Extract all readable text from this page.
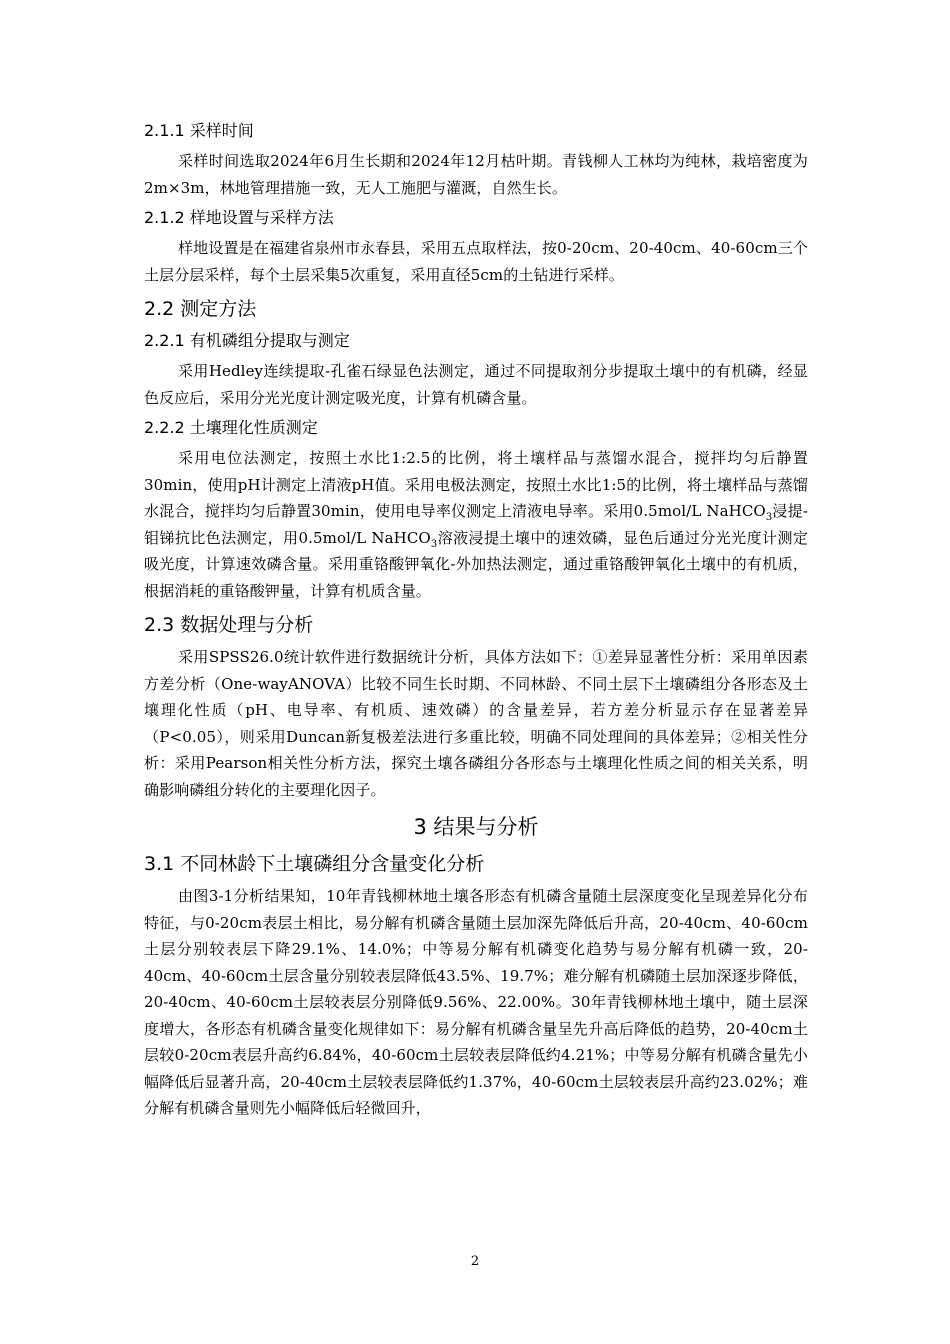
2.1.1 采样时间

采样时间选取2024年6月生长期和2024年12月枯叶期。青钱柳人工林均为纯林，栽培密度为2m×3m，林地管理措施一致，无人工施肥与灌溉，自然生长。

2.1.2 样地设置与采样方法

样地设置是在福建省泉州市永春县，采用五点取样法，按0-20cm、20-40cm、40-60cm三个土层分层采样，每个土层采集5次重复，采用直径5cm的土钻进行采样。

2.2 测定方法
2.2.1 有机磷组分提取与测定

采用Hedley连续提取-孔雀石绿显色法测定，通过不同提取剂分步提取土壤中的有机磷，经显色反应后，采用分光光度计测定吸光度，计算有机磷含量。

2.2.2 土壤理化性质测定

采用电位法测定，按照土水比1:2.5的比例，将土壤样品与蒸馏水混合，搅拌均匀后静置30min，使用pH计测定上清液pH值。采用电极法测定，按照土水比1:5的比例，将土壤样品与蒸馏水混合，搅拌均匀后静置30min，使用电导率仪测定上清液电导率。采用0.5mol/L NaHCO$_3$浸提-钼锑抗比色法测定，用0.5mol/L NaHCO$_3$溶液浸提土壤中的速效磷，显色后通过分光光度计测定吸光度，计算速效磷含量。采用重铬酸钾氧化-外加热法测定，通过重铬酸钾氧化土壤中的有机质，根据消耗的重铬酸钾量，计算有机质含量。

2.3 数据处理与分析

采用SPSS26.0统计软件进行数据统计分析，具体方法如下：①差异显著性分析：采用单因素方差分析（One-wayANOVA）比较不同生长时期、不同林龄、不同土层下土壤磷组分各形态及土壤理化性质（pH、电导率、有机质、速效磷）的含量差异，若方差分析显示存在显著差异（P<0.05），则采用Duncan新复极差法进行多重比较，明确不同处理间的具体差异；②相关性分析：采用Pearson相关性分析方法，探究土壤各磷组分各形态与土壤理化性质之间的相关关系，明确影响磷组分转化的主要理化因子。

3 结果与分析
3.1 不同林龄下土壤磷组分含量变化分析

由图3-1分析结果知，10年青钱柳林地土壤各形态有机磷含量随土层深度变化呈现差异化分布特征，与0-20cm表层土相比，易分解有机磷含量随土层加深先降低后升高，20-40cm、40-60cm土层分别较表层下降29.1%、14.0%；中等易分解有机磷变化趋势与易分解有机磷一致，20-40cm、40-60cm土层含量分别较表层降低43.5%、19.7%；难分解有机磷随土层加深逐步降低，20-40cm、40-60cm土层较表层分别降低9.56%、22.00%。30年青钱柳林地土壤中，随土层深度增大，各形态有机磷含量变化规律如下：易分解有机磷含量呈先升高后降低的趋势，20-40cm土层较0-20cm表层升高约6.84%，40-60cm土层较表层降低约4.21%；中等易分解有机磷含量先小幅降低后显著升高，20-40cm土层较表层降低约1.37%，40-60cm土层较表层升高约23.02%；难分解有机磷含量则先小幅降低后轻微回升，

2
